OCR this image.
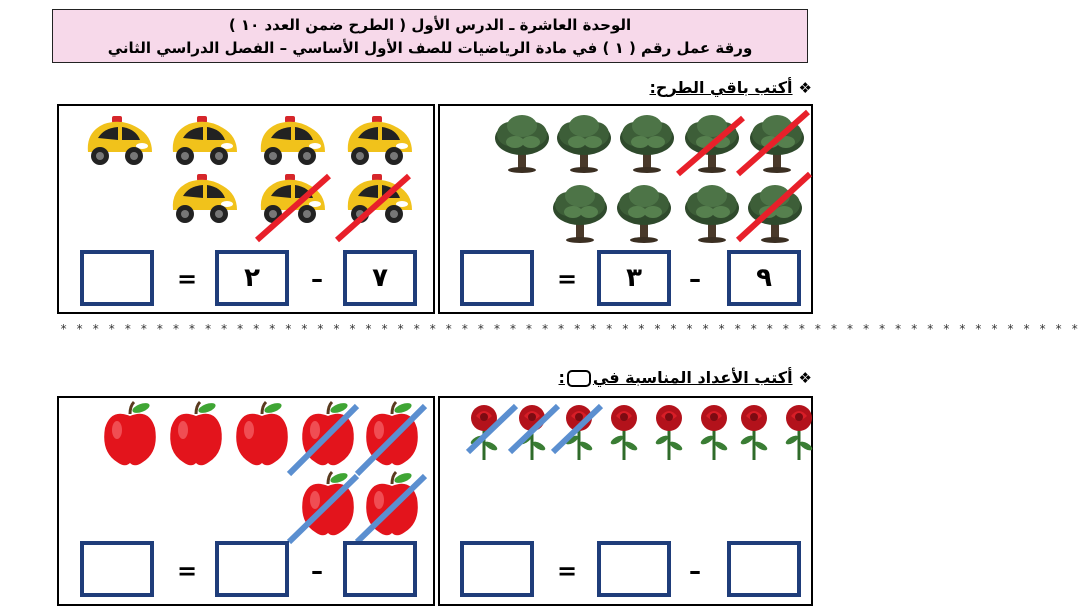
الوحدة العاشرة ـ الدرس الأول ( الطرح ضمن العدد ١٠ )
ورقة عمل رقم ( ١ ) في مادة الرياضيات للصف الأول الأساسي – الفصل الدراسي الثاني
❖أكتب باقي الطرح:
=	٣	–	٩
=	٢	–	٧
* * * * * * * * * * * * * * * * * * * * * * * * * * * * * * * * * * * * * * * * * * * * * * * * * * * * * * * * * * * * * * * *
❖أكتب الأعداد المناسبة في:
=	–
=	–
